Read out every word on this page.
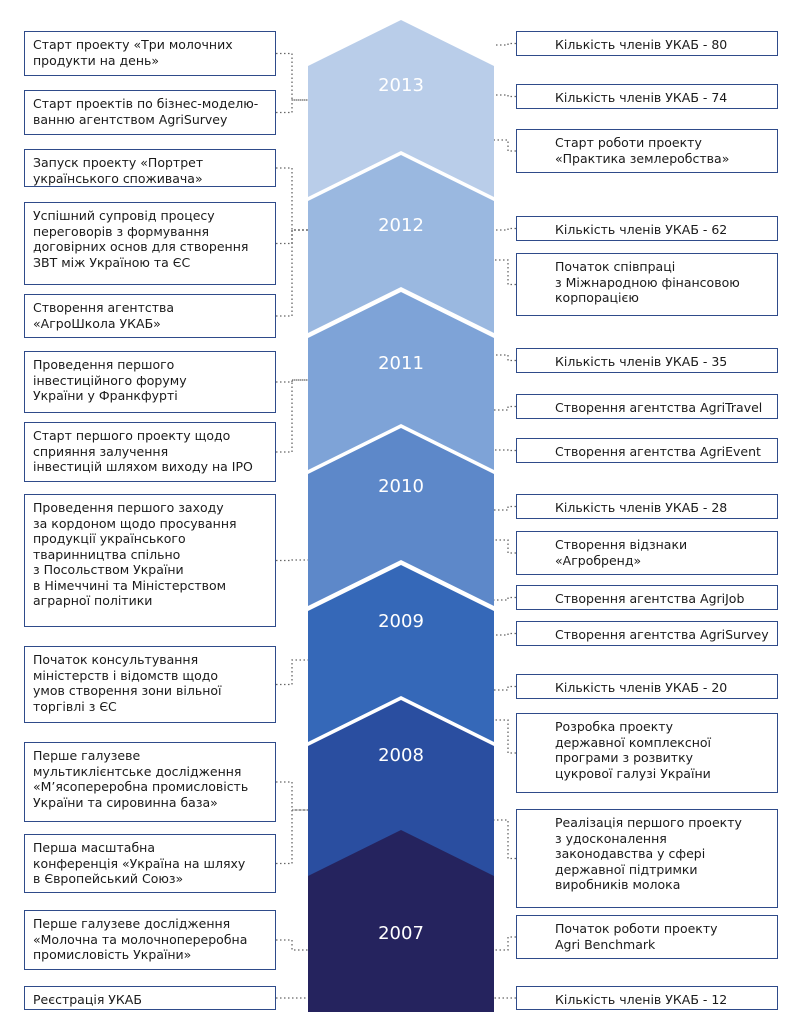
2013
2012
2011
2010
2009
2008
2007
Старт проекту «Три молочних
продукти на день»
Старт проектів по бізнес-моделю-
ванню агентством AgriSurvey
Запуск проекту «Портрет
українського споживача»
Успішний супровід процесу
переговорів з формування
договірних основ для створення
ЗВТ між Україною та ЄС
Створення агентства
«АгроШкола УКАБ»
Проведення першого
інвестиційного форуму
України у Франкфурті
Старт першого проекту щодо
сприяння залучення
інвестицій шляхом виходу на IPO
Проведення першого заходу
за кордоном щодо просування
продукції українського
тваринництва спільно
з Посольством України
в Німеччині та Міністерством
аграрної політики
Початок консультування
міністерств і відомств щодо
умов створення зони вільної
торгівлі з ЄС
Перше галузеве
мультиклієнтське дослідження
«М’ясопереробна промисловість
України та сировинна база»
Перша масштабна
конференція «Україна на шляху
в Європейський Союз»
Перше галузеве дослідження
«Молочна та молочнопереробна
промисловість України»
Реєстрація УКАБ
Кількість членів УКАБ - 80
Кількість членів УКАБ - 74
Старт роботи проекту
«Практика землеробства»
Кількість членів УКАБ - 62
Початок співпраці
з Міжнародною фінансовою
корпорацією
Кількість членів УКАБ - 35
Створення агентства AgriTravel
Створення агентства AgriEvent
Кількість членів УКАБ - 28
Створення відзнаки
«Агробренд»
Створення агентства AgriJob
Створення агентства AgriSurvey
Кількість членів УКАБ - 20
Розробка проекту
державної комплексної
програми з розвитку
цукрової галузі України
Реалізація першого проекту
з удосконалення
законодавства у сфері
державної підтримки
виробників молока
Початок роботи проекту
Agri Benchmark
Кількість членів УКАБ - 12
